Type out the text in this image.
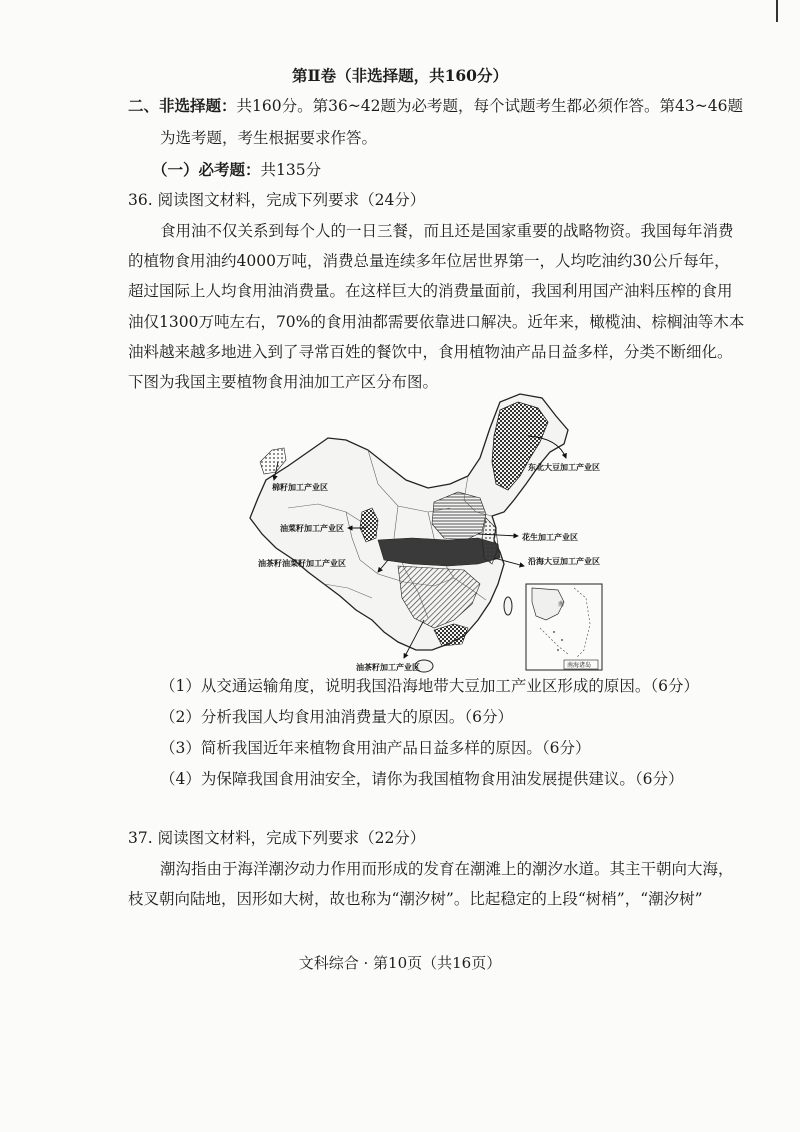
第Ⅱ卷（非选择题，共160分）
二、非选择题：共160分。第36~42题为必考题，每个试题考生都必须作答。第43~46题
为选考题，考生根据要求作答。
（一）必考题：共135分
36. 阅读图文材料，完成下列要求（24分）
食用油不仅关系到每个人的一日三餐，而且还是国家重要的战略物资。我国每年消费
的植物食用油约4000万吨，消费总量连续多年位居世界第一，人均吃油约30公斤每年，
超过国际上人均食用油消费量。在这样巨大的消费量面前，我国利用国产油料压榨的食用
油仅1300万吨左右，70%的食用油都需要依靠进口解决。近年来，橄榄油、棕榈油等木本
油料越来越多地进入到了寻常百姓的餐饮中，食用植物油产品日益多样，分类不断细化。
下图为我国主要植物食用油加工产区分布图。
棉籽加工产业区
东北大豆加工产业区
油菜籽加工产业区
花生加工产业区
油茶籽油菜籽加工产业区	沿海大豆加工产业区
油茶籽加工产业区
南
南海诸岛
（1）从交通运输角度，说明我国沿海地带大豆加工产业区形成的原因。（6分）
（2）分析我国人均食用油消费量大的原因。（6分）
（3）简析我国近年来植物食用油产品日益多样的原因。（6分）
（4）为保障我国食用油安全，请你为我国植物食用油发展提供建议。（6分）
37. 阅读图文材料，完成下列要求（22分）
潮沟指由于海洋潮汐动力作用而形成的发育在潮滩上的潮汐水道。其主干朝向大海，
枝叉朝向陆地，因形如大树，故也称为“潮汐树”。比起稳定的上段“树梢”，“潮汐树”
文科综合 · 第10页（共16页）
